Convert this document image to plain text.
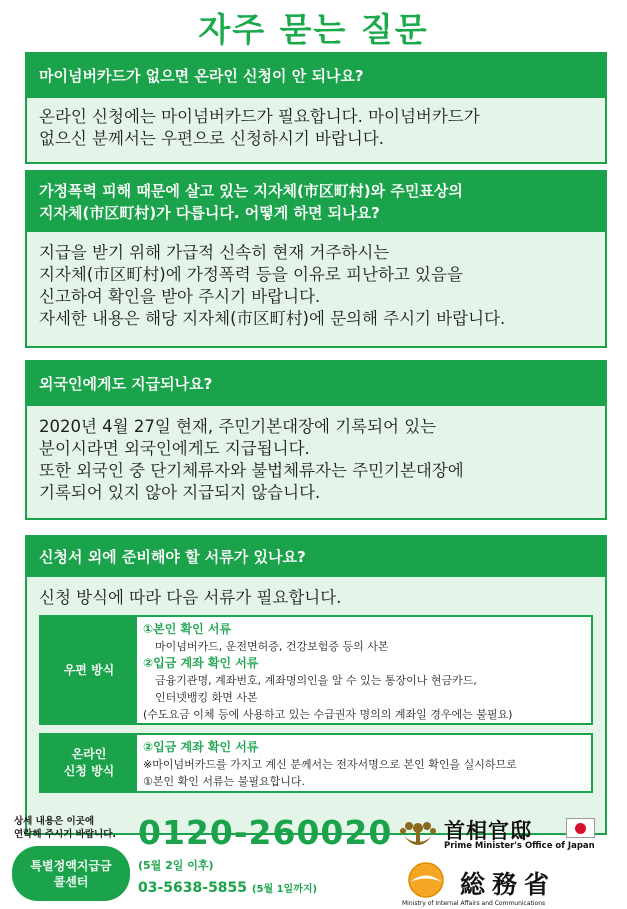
자주 묻는 질문
마이넘버카드가 없으면 온라인 신청이 안 되나요?
온라인 신청에는 마이넘버카드가 필요합니다. 마이넘버카드가
없으신 분께서는 우편으로 신청하시기 바랍니다.
가정폭력 피해 때문에 살고 있는 지자체(市区町村)와 주민표상의
지자체(市区町村)가 다릅니다. 어떻게 하면 되나요?
지급을 받기 위해 가급적 신속히 현재 거주하시는
지자체(市区町村)에 가정폭력 등을 이유로 피난하고 있음을
신고하여 확인을 받아 주시기 바랍니다.
자세한 내용은 해당 지자체(市区町村)에 문의해 주시기 바랍니다.
외국인에게도 지급되나요?
2020년 4월 27일 현재, 주민기본대장에 기록되어 있는
분이시라면 외국인에게도 지급됩니다.
또한 외국인 중 단기체류자와 불법체류자는 주민기본대장에
기록되어 있지 않아 지급되지 않습니다.
신청서 외에 준비해야 할 서류가 있나요?
신청 방식에 따라 다음 서류가 필요합니다.
우편 방식
①본인 확인 서류
마이넘버카드, 운전면허증, 건강보험증 등의 사본
②입금 계좌 확인 서류
금융기관명, 계좌번호, 계좌명의인을 알 수 있는 통장이나 현금카드,
인터넷뱅킹 화면 사본
(수도요금 이체 등에 사용하고 있는 수급권자 명의의 계좌일 경우에는 불필요)
온라인
신청 방식
②입금 계좌 확인 서류
※마이넘버카드를 가지고 계신 분께서는 전자서명으로 본인 확인을 실시하므로
①본인 확인 서류는 불필요합니다.
상세 내용은 이곳에
연락해 주시기 바랍니다.
특별정액지급금
콜센터
0120-260020
(5월 2일 이후)
03-5638-5855 (5월 1일까지)
首相官邸
Prime Minister's Office of Japan
総務省
Ministry of Internal Affairs and Communications
